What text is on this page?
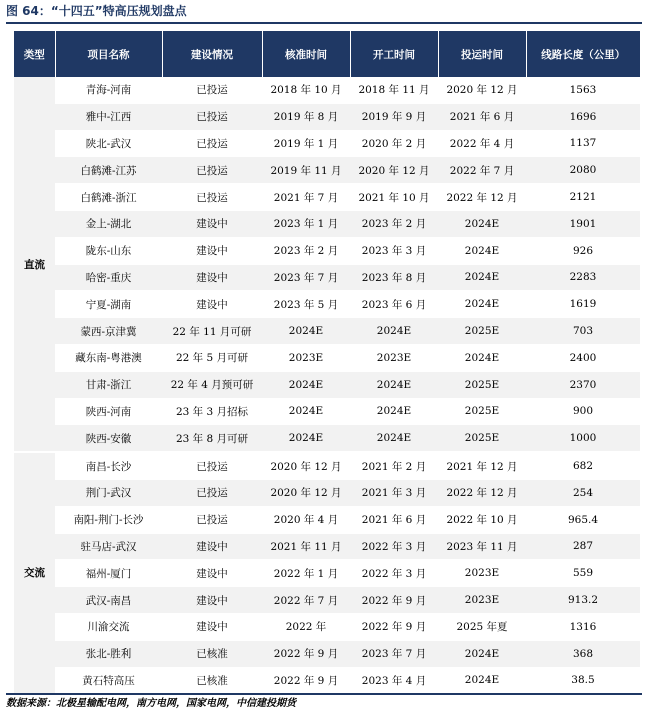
图 64：“十四五”特高压规划盘点
类型	项目名称	建设情况	核准时间	开工时间	投运时间	线路长度（公里）
直流	青海-河南	已投运	2018 年 10 月	2018 年 11 月	2020 年 12 月	1563
	雅中-江西	已投运	2019 年 8 月	2019 年 9 月	2021 年 6 月	1696
	陕北-武汉	已投运	2019 年 1 月	2020 年 2 月	2022 年 4 月	1137
	白鹤滩-江苏	已投运	2019 年 11 月	2020 年 12 月	2022 年 7 月	2080
	白鹤滩-浙江	已投运	2021 年 7 月	2021 年 10 月	2022 年 12 月	2121
	金上-湖北	建设中	2023 年 1 月	2023 年 2 月	2024E	1901
	陇东-山东	建设中	2023 年 2 月	2023 年 3 月	2024E	926
	哈密-重庆	建设中	2023 年 7 月	2023 年 8 月	2024E	2283
	宁夏-湖南	建设中	2023 年 5 月	2023 年 6 月	2024E	1619
	蒙西-京津冀	22 年 11 月可研	2024E	2024E	2025E	703
	藏东南-粤港澳	22 年 5 月可研	2023E	2023E	2024E	2400
	甘肃-浙江	22 年 4 月预可研	2024E	2024E	2025E	2370
	陕西-河南	23 年 3 月招标	2024E	2024E	2025E	900
	陕西-安徽	23 年 8 月可研	2024E	2024E	2025E	1000
交流	南昌-长沙	已投运	2020 年 12 月	2021 年 2 月	2021 年 12 月	682
	荆门-武汉	已投运	2020 年 12 月	2021 年 3 月	2022 年 12 月	254
	南阳-荆门-长沙	已投运	2020 年 4 月	2021 年 6 月	2022 年 10 月	965.4
	驻马店-武汉	建设中	2021 年 11 月	2022 年 3 月	2023 年 11 月	287
	福州-厦门	建设中	2022 年 1 月	2022 年 3 月	2023E	559
	武汉-南昌	建设中	2022 年 7 月	2022 年 9 月	2023E	913.2
	川渝交流	建设中	2022 年	2022 年 9 月	2025 年夏	1316
	张北-胜利	已核准	2022 年 9 月	2023 年 7 月	2024E	368
	黄石特高压	已核准	2022 年 9 月	2023 年 4 月	2024E	38.5
数据来源：北极星输配电网，南方电网，国家电网，中信建投期货
